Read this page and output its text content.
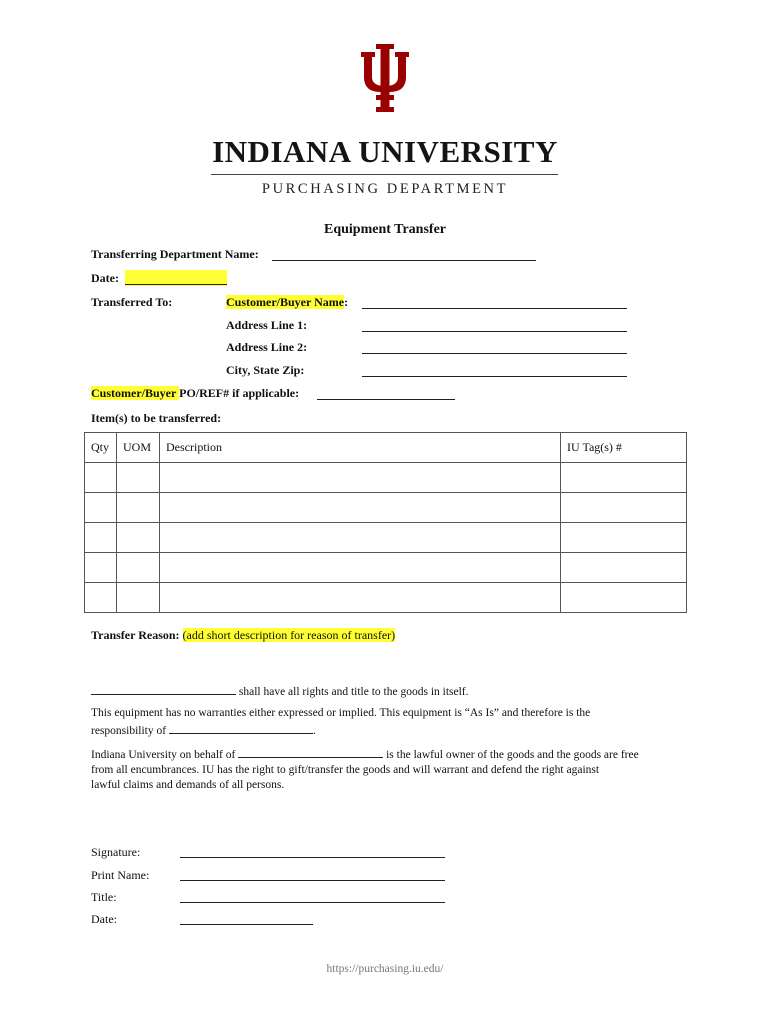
INDIANA UNIVERSITY
PURCHASING DEPARTMENT
Equipment Transfer
Transferring Department Name:
Date:
Transferred To:	Customer/Buyer Name:
Address Line 1:
Address Line 2:
City, State Zip:
Customer/Buyer PO/REF# if applicable:
Item(s) to be transferred:
Qty	UOM	Description	IU Tag(s) #

Transfer Reason: (add short description for reason of transfer)
shall have all rights and title to the goods in itself.
This equipment has no warranties either expressed or implied. This equipment is “As Is” and therefore is the
responsibility of	.
Indiana University on behalf of	is the lawful owner of the goods and the goods are free
from all encumbrances. IU has the right to gift/transfer the goods and will warrant and defend the right against
lawful claims and demands of all persons.
Signature:
Print Name:
Title:
Date:
https://purchasing.iu.edu/
